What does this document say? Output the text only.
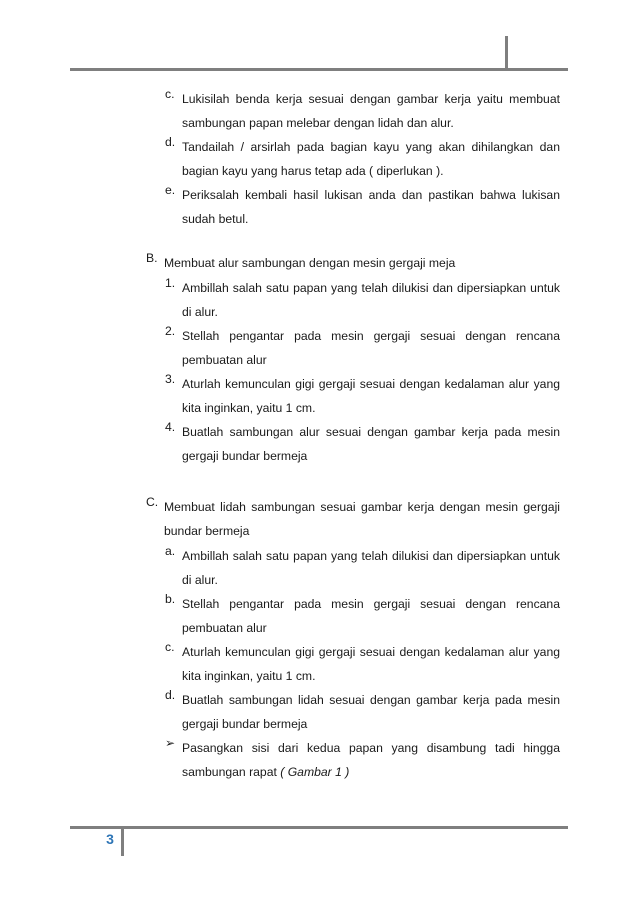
c. Lukisilah benda kerja sesuai dengan gambar kerja yaitu membuat sambungan papan melebar dengan lidah dan alur.

d. Tandailah / arsirlah pada bagian kayu yang akan dihilangkan dan bagian kayu yang harus tetap ada ( diperlukan ).

e. Periksalah kembali hasil lukisan anda dan pastikan bahwa lukisan sudah betul.

B. Membuat alur sambungan dengan mesin gergaji meja

1. Ambillah salah satu papan yang telah dilukisi dan dipersiapkan untuk di alur.

2. Stellah pengantar pada mesin gergaji sesuai dengan rencana pembuatan alur

3. Aturlah kemunculan gigi gergaji sesuai dengan kedalaman alur yang kita inginkan, yaitu 1 cm.

4. Buatlah sambungan alur sesuai dengan gambar kerja pada mesin gergaji bundar bermeja

C. Membuat lidah sambungan sesuai gambar kerja dengan mesin gergaji bundar bermeja

a. Ambillah salah satu papan yang telah dilukisi dan dipersiapkan untuk di alur.

b. Stellah pengantar pada mesin gergaji sesuai dengan rencana pembuatan alur

c. Aturlah kemunculan gigi gergaji sesuai dengan kedalaman alur yang kita inginkan, yaitu 1 cm.

d. Buatlah sambungan lidah sesuai dengan gambar kerja pada mesin gergaji bundar bermeja

➢ Pasangkan sisi dari kedua papan yang disambung tadi hingga sambungan rapat ( Gambar 1 )

3
